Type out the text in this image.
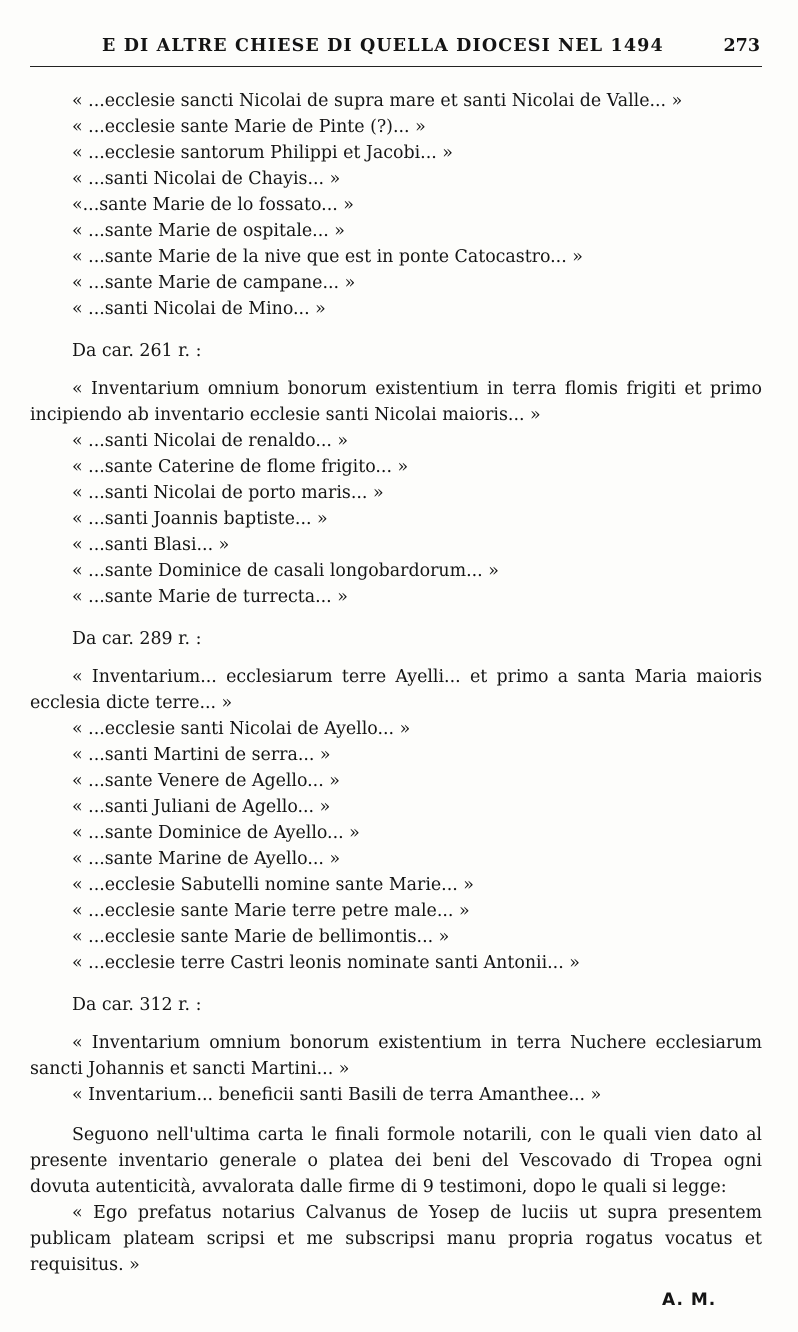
E DI ALTRE CHIESE DI QUELLA DIOCESI NEL 1494	273
« ...ecclesie sancti Nicolai de supra mare et santi Nicolai de Valle... »
« ...ecclesie sante Marie de Pinte (?)... »
« ...ecclesie santorum Philippi et Jacobi... »
« ...santi Nicolai de Chayis... »
«...sante Marie de lo fossato... »
« ...sante Marie de ospitale... »
« ...sante Marie de la nive que est in ponte Catocastro... »
« ...sante Marie de campane... »
« ...santi Nicolai de Mino... »
Da car. 261 r. :
« Inventarium omnium bonorum existentium in terra flomis frigiti et primo incipiendo ab inventario ecclesie santi Nicolai maioris... »
« ...santi Nicolai de renaldo... »
« ...sante Caterine de flome frigito... »
« ...santi Nicolai de porto maris... »
« ...santi Joannis baptiste... »
« ...santi Blasi... »
« ...sante Dominice de casali longobardorum... »
« ...sante Marie de turrecta... »
Da car. 289 r. :
« Inventarium... ecclesiarum terre Ayelli... et primo a santa Maria maioris ecclesia dicte terre... »
« ...ecclesie santi Nicolai de Ayello... »
« ...santi Martini de serra... »
« ...sante Venere de Agello... »
« ...santi Juliani de Agello... »
« ...sante Dominice de Ayello... »
« ...sante Marine de Ayello... »
« ...ecclesie Sabutelli nomine sante Marie... »
« ...ecclesie sante Marie terre petre male... »
« ...ecclesie sante Marie de bellimontis... »
« ...ecclesie terre Castri leonis nominate santi Antonii... »
Da car. 312 r. :
« Inventarium omnium bonorum existentium in terra Nuchere ecclesiarum sancti Johannis et sancti Martini... »
« Inventarium... beneficii santi Basili de terra Amanthee... »
Seguono nell'ultima carta le finali formole notarili, con le quali vien dato al presente inventario generale o platea dei beni del Vescovado di Tropea ogni dovuta autenticità, avvalorata dalle firme di 9 testimoni, dopo le quali si legge:
« Ego prefatus notarius Calvanus de Yosep de luciis ut supra presentem publicam plateam scripsi et me subscripsi manu propria rogatus vocatus et requisitus. »
A. M.
